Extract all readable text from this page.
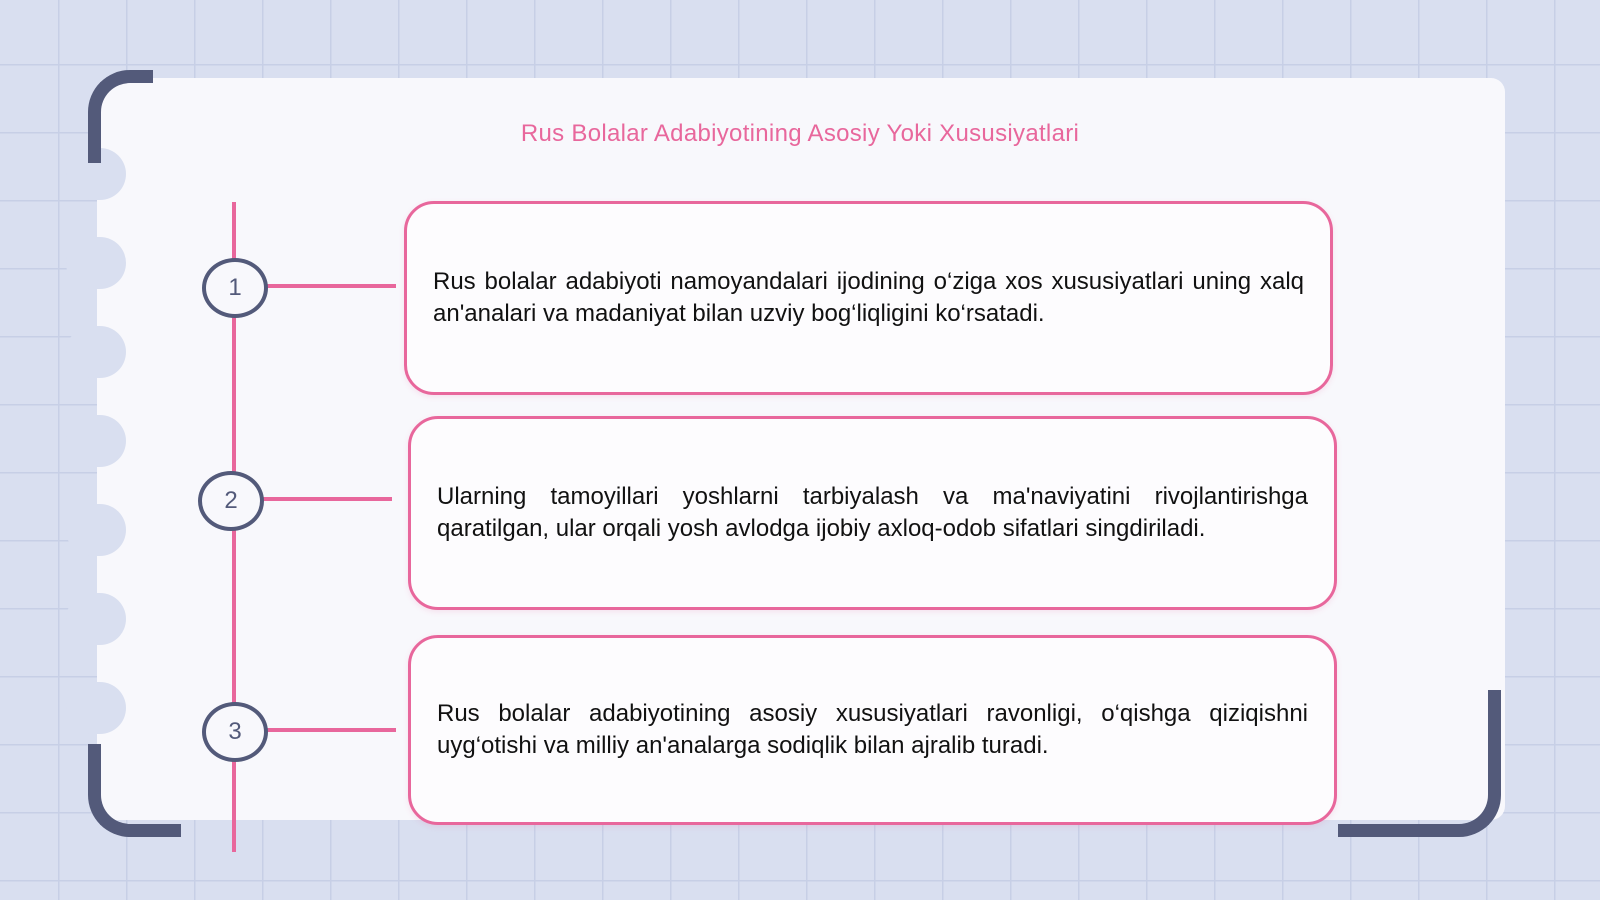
Rus Bolalar Adabiyotining Asosiy Yoki Xususiyatlari
1
2
3

Rus bolalar adabiyoti namoyandalari ijodining o‘ziga xos xususiyatlari uning xalq an'analari va madaniyat bilan uzviy bog‘liqligini ko‘rsatadi.

Ularning tamoyillari yoshlarni tarbiyalash va ma'naviyatini rivojlantirishga qaratilgan, ular orqali yosh avlodga ijobiy axloq-odob sifatlari singdiriladi.

Rus bolalar adabiyotining asosiy xususiyatlari ravonligi, o‘qishga qiziqishni uyg‘otishi va milliy an'analarga sodiqlik bilan ajralib turadi.
